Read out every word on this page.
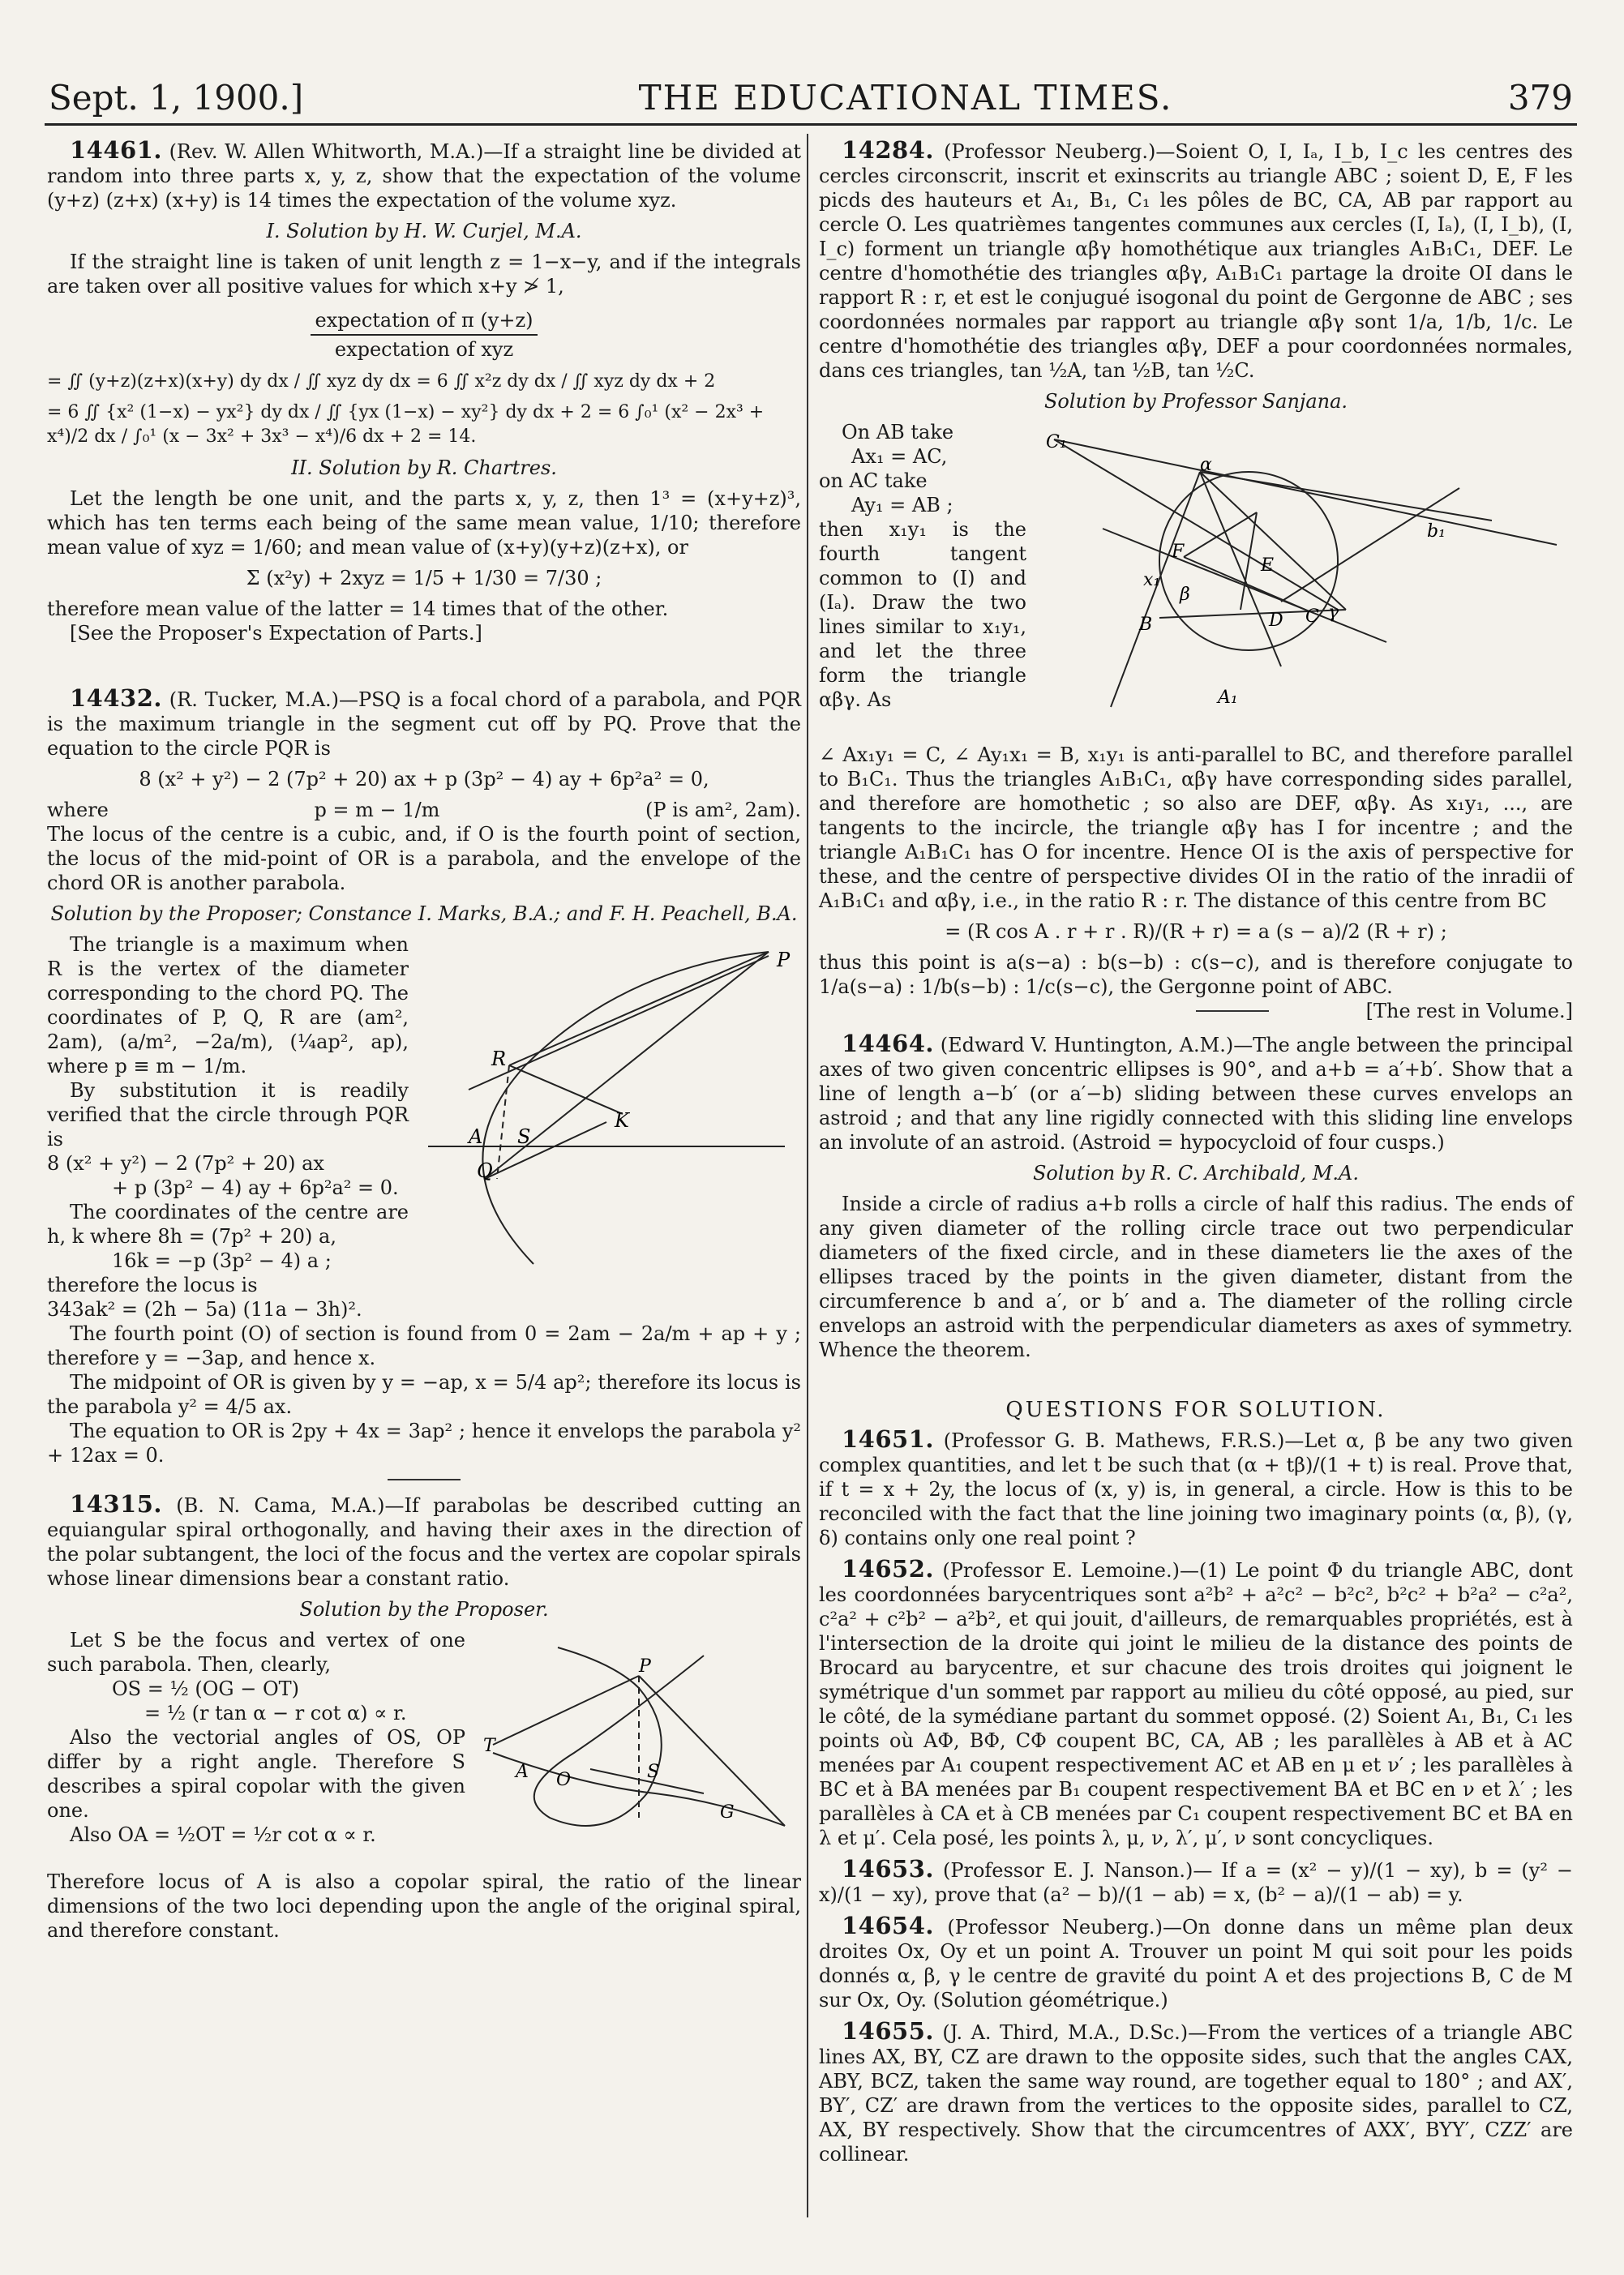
Sept. 1, 1900.]	THE EDUCATIONAL TIMES.	379
14461. (Rev. W. Allen Whitworth, M.A.)—If a straight line be divided at random into three parts x, y, z, show that the expectation of the volume (y+z) (z+x) (x+y) is 14 times the expectation of the volume xyz.
I. Solution by H. W. Curjel, M.A.
If the straight line is taken of unit length z = 1−x−y, and if the integrals are taken over all positive values for which x+y ≯ 1,
$\frac{\text{expectation of π (y+z)}}{\text{expectation of xyz}}$
= ∬ (y+z)(z+x)(x+y) dy dx / ∬ xyz dy dx = 6 ∬ x²z dy dx / ∬ xyz dy dx + 2
= 6 ∬ {x² (1−x) − yx²} dy dx / ∬ {yx (1−x) − xy²} dy dx + 2 = 6 ∫₀¹ (x² − 2x³ + x⁴)/2 dx / ∫₀¹ (x − 3x² + 3x³ − x⁴)/6 dx + 2 = 14.
II. Solution by R. Chartres.
Let the length be one unit, and the parts x, y, z, then 1³ = (x+y+z)³, which has ten terms each being of the same mean value, 1/10; therefore mean value of xyz = 1/60; and mean value of (x+y)(y+z)(z+x), or
Σ (x²y) + 2xyz = 1/5 + 1/30 = 7/30 ;
therefore mean value of the latter = 14 times that of the other.
[See the Proposer's Expectation of Parts.]
14432. (R. Tucker, M.A.)—PSQ is a focal chord of a parabola, and PQR is the maximum triangle in the segment cut off by PQ. Prove that the equation to the circle PQR is
8 (x² + y²) − 2 (7p² + 20) ax + p (3p² − 4) ay + 6p²a² = 0,
where	p = m − 1/m	(P is am², 2am).
The locus of the centre is a cubic, and, if O is the fourth point of section, the locus of the mid-point of OR is a parabola, and the envelope of the chord OR is another parabola.
Solution by the Proposer; Constance I. Marks, B.A.; and F. H. Peachell, B.A.
P
R
K
A S
Q
The triangle is a maximum when R is the vertex of the diameter corresponding to the chord PQ. The coordinates of P, Q, R are (am², 2am), (a/m², −2a/m), (¼ap², ap), where p ≡ m − 1/m.
By substitution it is readily verified that the circle through PQR is
8 (x² + y²) − 2 (7p² + 20) ax
+ p (3p² − 4) ay + 6p²a² = 0.
The coordinates of the centre are h, k where 8h = (7p² + 20) a,
16k = −p (3p² − 4) a ;
therefore the locus is
343ak² = (2h − 5a) (11a − 3h)².
The fourth point (O) of section is found from 0 = 2am − 2a/m + ap + y ; therefore y = −3ap, and hence x.
The midpoint of OR is given by y = −ap, x = 5/4 ap²; therefore its locus is the parabola y² = 4/5 ax.
The equation to OR is 2py + 4x = 3ap² ; hence it envelops the parabola y² + 12ax = 0.
14315. (B. N. Cama, M.A.)—If parabolas be described cutting an equiangular spiral orthogonally, and having their axes in the direction of the polar subtangent, the loci of the focus and the vertex are copolar spirals whose linear dimensions bear a constant ratio.
Solution by the Proposer.
P
T
A O	S
G
Let S be the focus and vertex of one such parabola. Then, clearly,
OS = ½ (OG − OT)
= ½ (r tan α − r cot α) ∝ r.
Also the vectorial angles of OS, OP differ by a right angle. Therefore S describes a spiral copolar with the given one.
Also OA = ½OT = ½r cot α ∝ r.
Therefore locus of A is also a copolar spiral, the ratio of the linear dimensions of the two loci depending upon the angle of the original spiral, and therefore constant.
14284. (Professor Neuberg.)—Soient O, I, Iₐ, I_b, I_c les centres des cercles circonscrit, inscrit et exinscrits au triangle ABC ; soient D, E, F les picds des hauteurs et A₁, B₁, C₁ les pôles de BC, CA, AB par rapport au cercle O. Les quatrièmes tangentes communes aux cercles (I, Iₐ), (I, I_b), (I, I_c) forment un triangle αβγ homothétique aux triangles A₁B₁C₁, DEF. Le centre d'homothétie des triangles αβγ, A₁B₁C₁ partage la droite OI dans le rapport R : r, et est le conjugué isogonal du point de Gergonne de ABC ; ses coordonnées normales par rapport au triangle αβγ sont 1/a, 1/b, 1/c. Le centre d'homothétie des triangles αβγ, DEF a pour coordonnées normales, dans ces triangles, tan ½A, tan ½B, tan ½C.
Solution by Professor Sanjana.
C₁
α
b₁
F
E
x₁
β
B	D C γ
A₁
On AB take
Ax₁ = AC,
on AC take
Ay₁ = AB ;
then x₁y₁ is the fourth tangent common to (I) and (Iₐ). Draw the two lines similar to x₁y₁, and let the three form the triangle αβγ. As
∠ Ax₁y₁ = C, ∠ Ay₁x₁ = B, x₁y₁ is anti-parallel to BC, and therefore parallel to B₁C₁. Thus the triangles A₁B₁C₁, αβγ have corresponding sides parallel, and therefore are homothetic ; so also are DEF, αβγ. As x₁y₁, ..., are tangents to the incircle, the triangle αβγ has I for incentre ; and the triangle A₁B₁C₁ has O for incentre. Hence OI is the axis of perspective for these, and the centre of perspective divides OI in the ratio of the inradii of A₁B₁C₁ and αβγ, i.e., in the ratio R : r. The distance of this centre from BC
= (R cos A . r + r . R)/(R + r) = a (s − a)/2 (R + r) ;
thus this point is a(s−a) : b(s−b) : c(s−c), and is therefore conjugate to 1/a(s−a) : 1/b(s−b) : 1/c(s−c), the Gergonne point of ABC.
[The rest in Volume.]
14464. (Edward V. Huntington, A.M.)—The angle between the principal axes of two given concentric ellipses is 90°, and a+b = a′+b′. Show that a line of length a−b′ (or a′−b) sliding between these curves envelops an astroid ; and that any line rigidly connected with this sliding line envelops an involute of an astroid. (Astroid = hypocycloid of four cusps.)
Solution by R. C. Archibald, M.A.
Inside a circle of radius a+b rolls a circle of half this radius. The ends of any given diameter of the rolling circle trace out two perpendicular diameters of the fixed circle, and in these diameters lie the axes of the ellipses traced by the points in the given diameter, distant from the circumference b and a′, or b′ and a. The diameter of the rolling circle envelops an astroid with the perpendicular diameters as axes of symmetry. Whence the theorem.
QUESTIONS FOR SOLUTION.
14651. (Professor G. B. Mathews, F.R.S.)—Let α, β be any two given complex quantities, and let t be such that (α + tβ)/(1 + t) is real. Prove that, if t = x + 2y, the locus of (x, y) is, in general, a circle. How is this to be reconciled with the fact that the line joining two imaginary points (α, β), (γ, δ) contains only one real point ?
14652. (Professor E. Lemoine.)—(1) Le point Φ du triangle ABC, dont les coordonnées barycentriques sont a²b² + a²c² − b²c², b²c² + b²a² − c²a², c²a² + c²b² − a²b², et qui jouit, d'ailleurs, de remarquables propriétés, est à l'intersection de la droite qui joint le milieu de la distance des points de Brocard au barycentre, et sur chacune des trois droites qui joignent le symétrique d'un sommet par rapport au milieu du côté opposé, au pied, sur le côté, de la symédiane partant du sommet opposé. (2) Soient A₁, B₁, C₁ les points où AΦ, BΦ, CΦ coupent BC, CA, AB ; les parallèles à AB et à AC menées par A₁ coupent respectivement AC et AB en μ et ν′ ; les parallèles à BC et à BA menées par B₁ coupent respectivement BA et BC en ν et λ′ ; les parallèles à CA et à CB menées par C₁ coupent respectivement BC et BA en λ et μ′. Cela posé, les points λ, μ, ν, λ′, μ′, ν sont concycliques.
14653. (Professor E. J. Nanson.)— If a = (x² − y)/(1 − xy), b = (y² − x)/(1 − xy), prove that (a² − b)/(1 − ab) = x, (b² − a)/(1 − ab) = y.
14654. (Professor Neuberg.)—On donne dans un même plan deux droites Ox, Oy et un point A. Trouver un point M qui soit pour les poids donnés α, β, γ le centre de gravité du point A et des projections B, C de M sur Ox, Oy. (Solution géométrique.)
14655. (J. A. Third, M.A., D.Sc.)—From the vertices of a triangle ABC lines AX, BY, CZ are drawn to the opposite sides, such that the angles CAX, ABY, BCZ, taken the same way round, are together equal to 180° ; and AX′, BY′, CZ′ are drawn from the vertices to the opposite sides, parallel to CZ, AX, BY respectively. Show that the circumcentres of AXX′, BYY′, CZZ′ are collinear.
